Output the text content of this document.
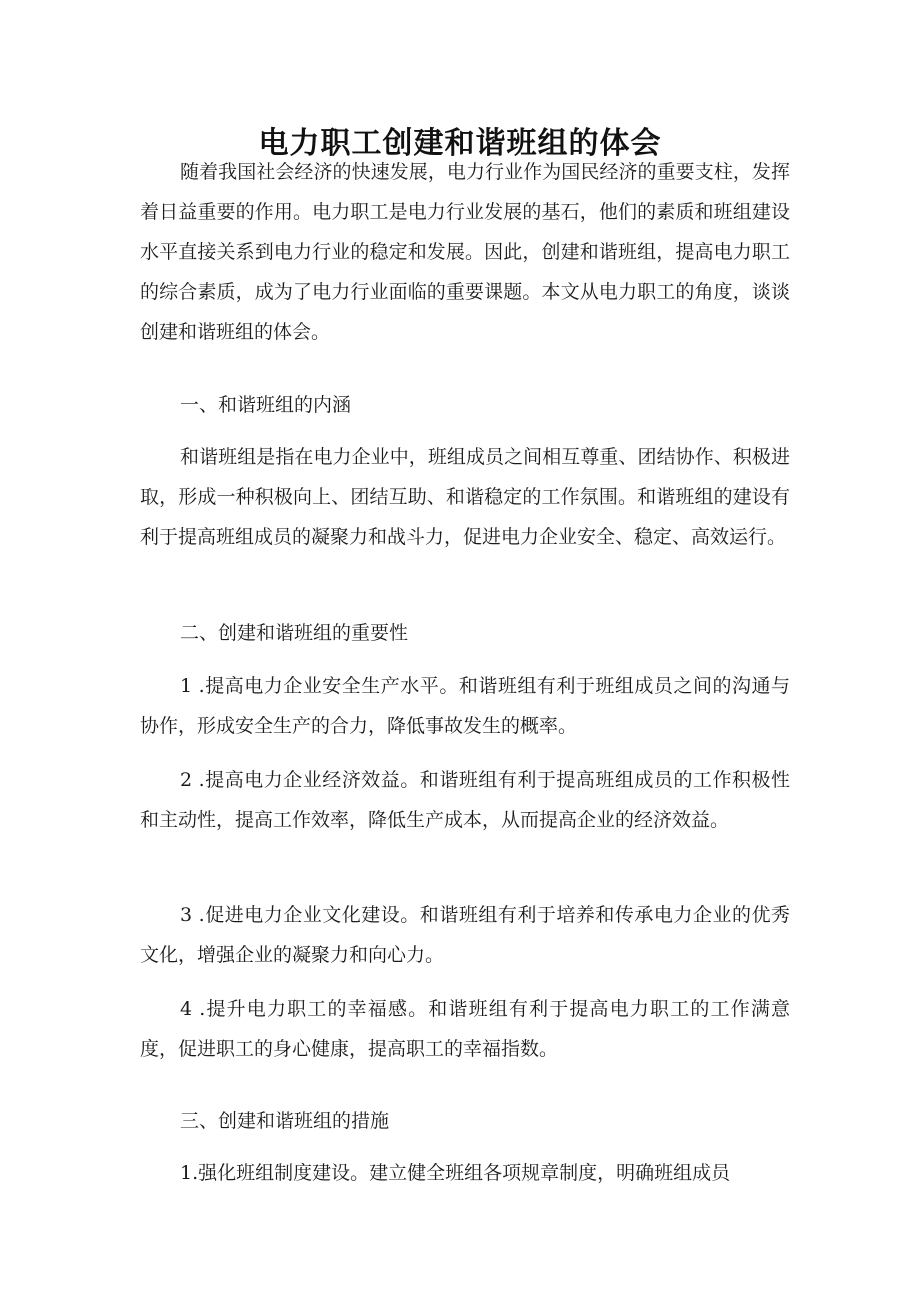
电力职工创建和谐班组的体会

随着我国社会经济的快速发展，电力行业作为国民经济的重要支柱，发挥着日益重要的作用。电力职工是电力行业发展的基石，他们的素质和班组建设水平直接关系到电力行业的稳定和发展。因此，创建和谐班组，提高电力职工的综合素质，成为了电力行业面临的重要课题。本文从电力职工的角度，谈谈创建和谐班组的体会。

一、和谐班组的内涵

和谐班组是指在电力企业中，班组成员之间相互尊重、团结协作、积极进取，形成一种积极向上、团结互助、和谐稳定的工作氛围。和谐班组的建设有利于提高班组成员的凝聚力和战斗力，促进电力企业安全、稳定、高效运行。

二、创建和谐班组的重要性

1 .提高电力企业安全生产水平。和谐班组有利于班组成员之间的沟通与协作，形成安全生产的合力，降低事故发生的概率。

2 .提高电力企业经济效益。和谐班组有利于提高班组成员的工作积极性和主动性，提高工作效率，降低生产成本，从而提高企业的经济效益。

3 .促进电力企业文化建设。和谐班组有利于培养和传承电力企业的优秀文化，增强企业的凝聚力和向心力。

4 .提升电力职工的幸福感。和谐班组有利于提高电力职工的工作满意度，促进职工的身心健康，提高职工的幸福指数。

三、创建和谐班组的措施

1.强化班组制度建设。建立健全班组各项规章制度，明确班组成员
